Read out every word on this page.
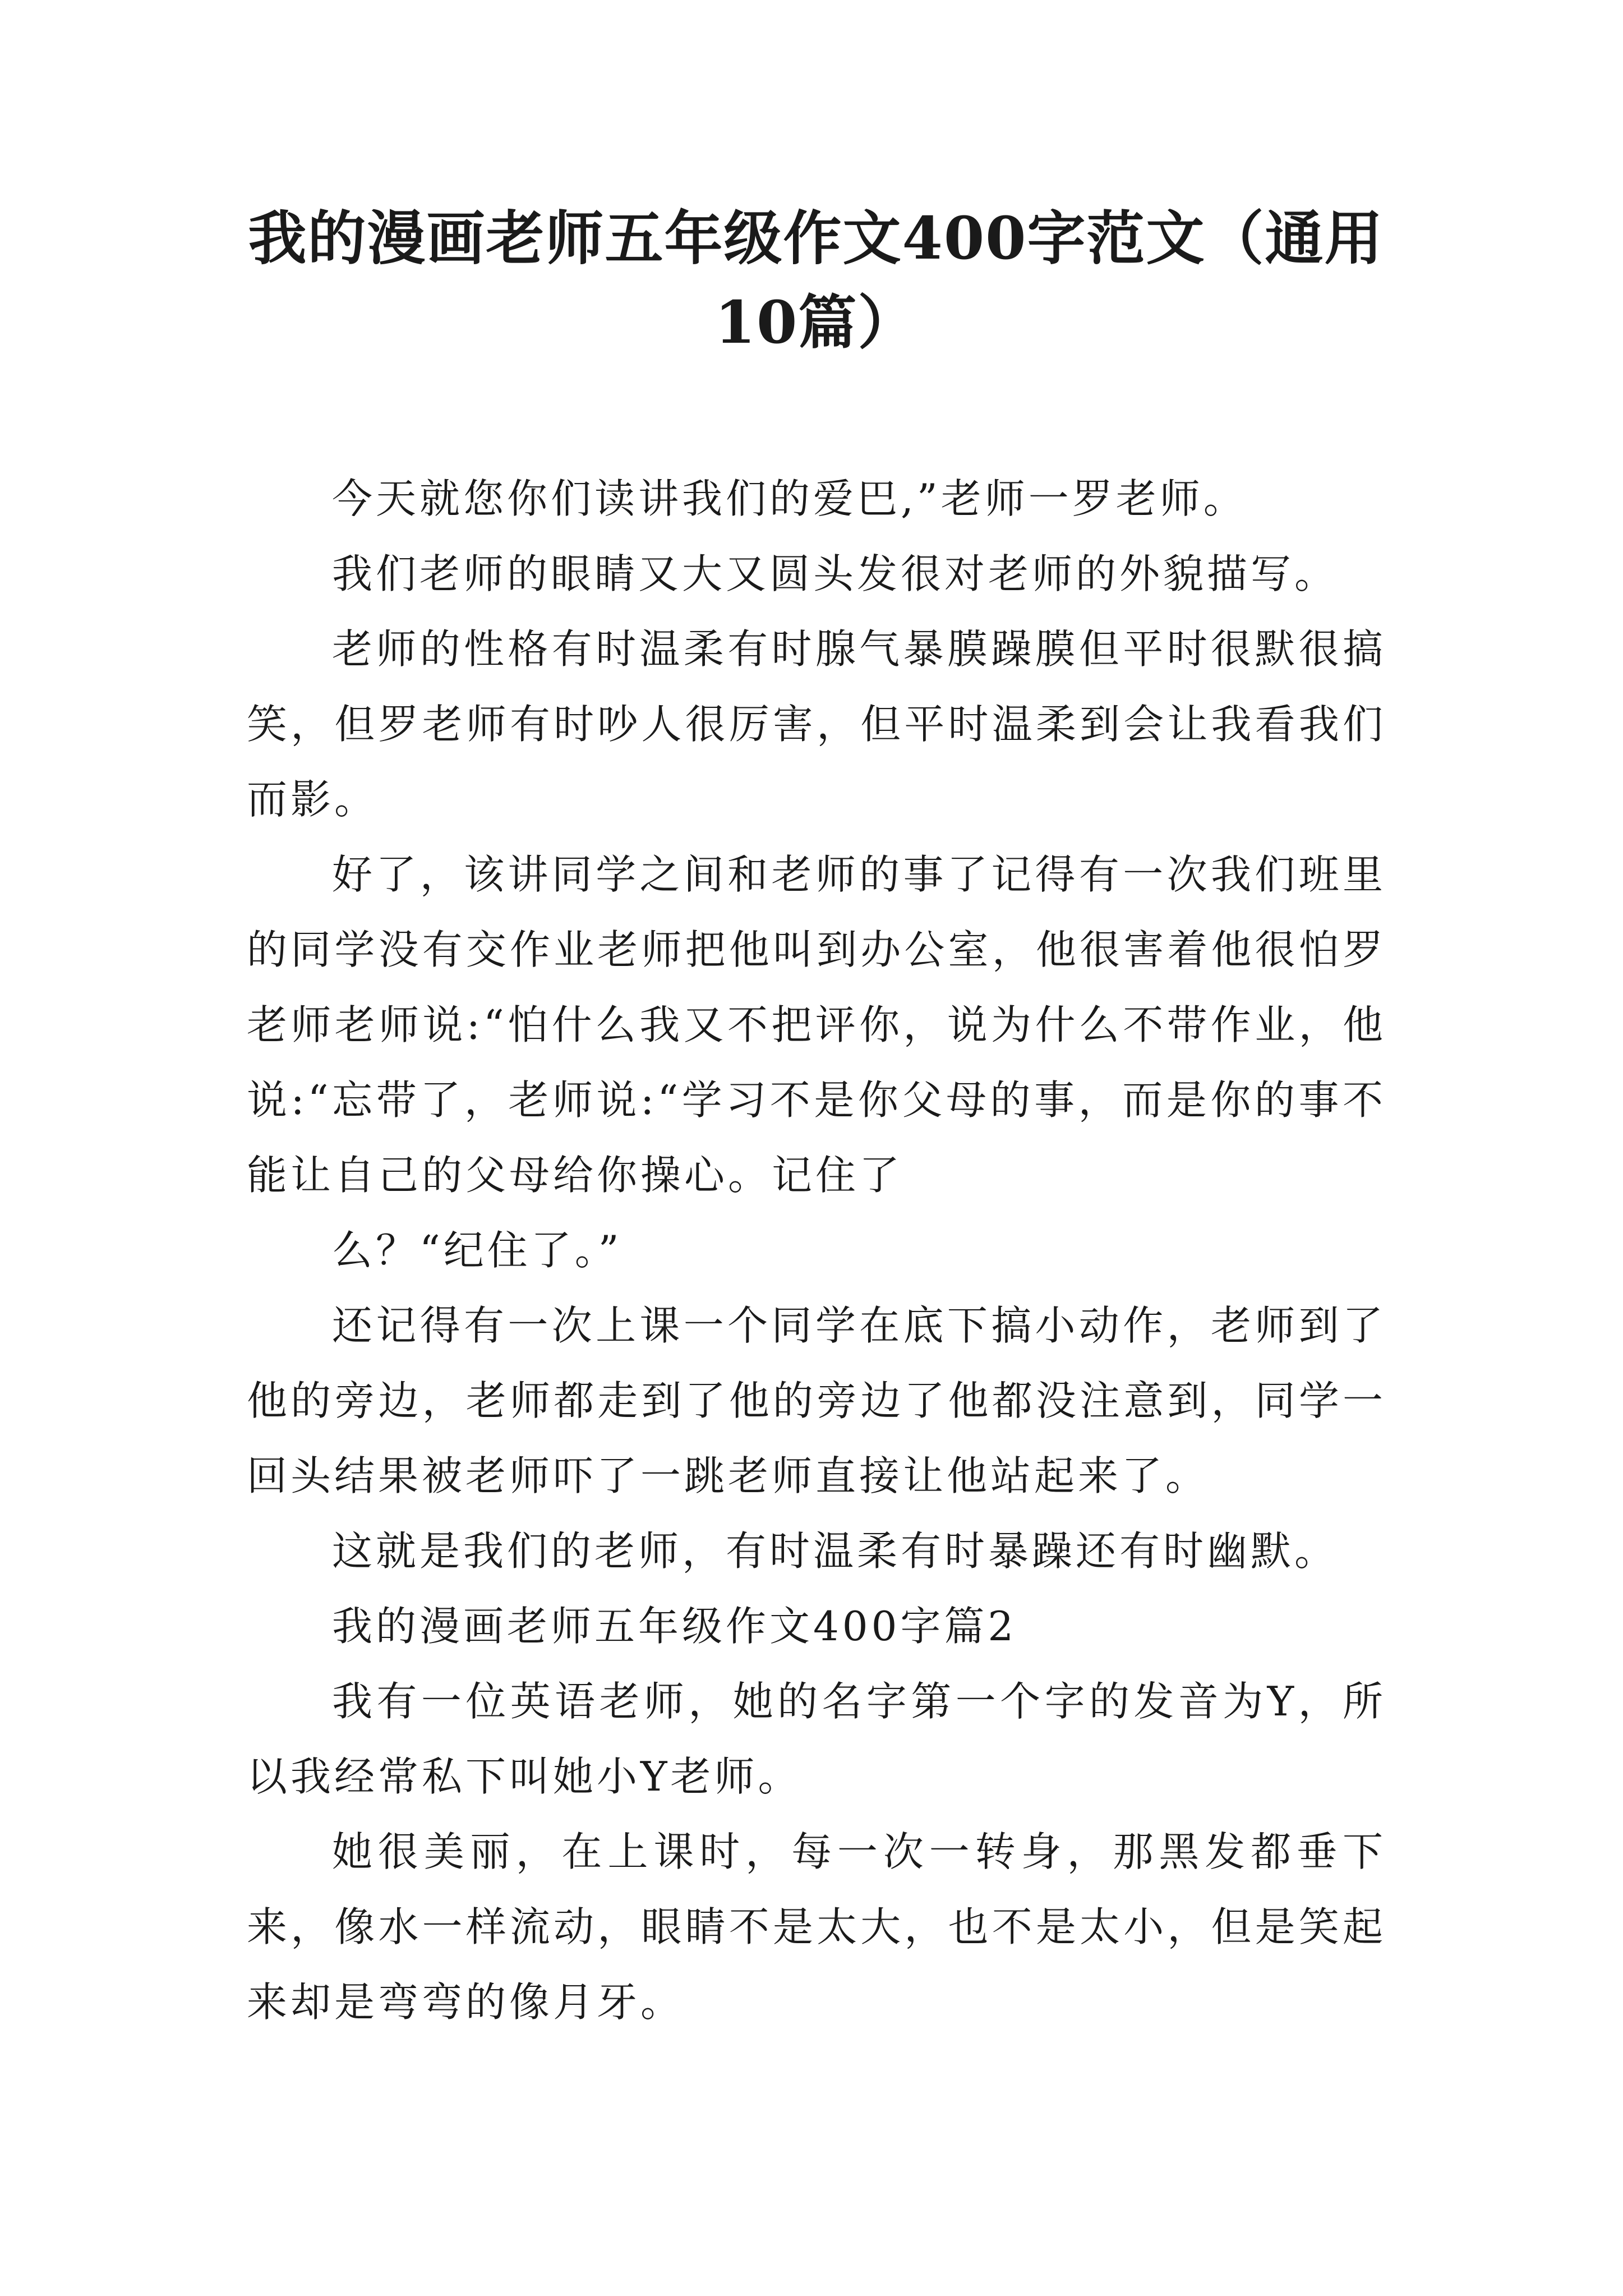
我的漫画老师五年级作文400字范文（通用10篇）

今天就您你们读讲我们的爱巴,”老师一罗老师。

我们老师的眼睛又大又圆头发很对老师的外貌描写。

老师的性格有时温柔有时腺气暴膜躁膜但平时很默很搞笑，但罗老师有时吵人很厉害，但平时温柔到会让我看我们而影。

好了，该讲同学之间和老师的事了记得有一次我们班里的同学没有交作业老师把他叫到办公室，他很害着他很怕罗老师老师说:“怕什么我又不把评你，说为什么不带作业，他说:“忘带了，老师说:“学习不是你父母的事，而是你的事不能让自己的父母给你操心。记住了

么？“纪住了。”

还记得有一次上课一个同学在底下搞小动作，老师到了他的旁边，老师都走到了他的旁边了他都没注意到，同学一回头结果被老师吓了一跳老师直接让他站起来了。

这就是我们的老师，有时温柔有时暴躁还有时幽默。

我的漫画老师五年级作文400字篇2

我有一位英语老师，她的名字第一个字的发音为Y，所以我经常私下叫她小Y老师。

她很美丽，在上课时，每一次一转身，那黑发都垂下来，像水一样流动，眼睛不是太大，也不是太小，但是笑起来却是弯弯的像月牙。
